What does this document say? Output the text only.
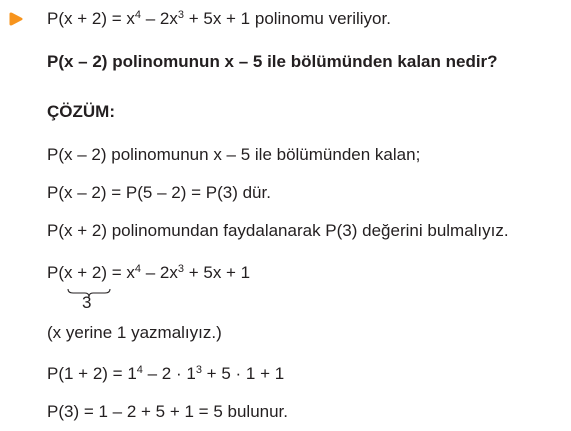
$P(x + 2) = x^4 - 2x^3 + 5x + 1$ polinomu veriliyor.
P(x – 2) polinomunun x – 5 ile bölümünden kalan nedir?
ÇÖZÜM:
P(x – 2) polinomunun x – 5 ile bölümünden kalan;
P(x – 2) = P(5 – 2) = P(3) dür.
P(x + 2) polinomundan faydalanarak P(3) değerini bulmalıyız.
$P(x + 2) = x^4 - 2x^3 + 5x + 1$
3
(x yerine 1 yazmalıyız.)
$P(1 + 2) = 1^4 - 2 \cdot 1^3 + 5 \cdot 1 + 1$
P(3) = 1 – 2 + 5 + 1 = 5 bulunur.
